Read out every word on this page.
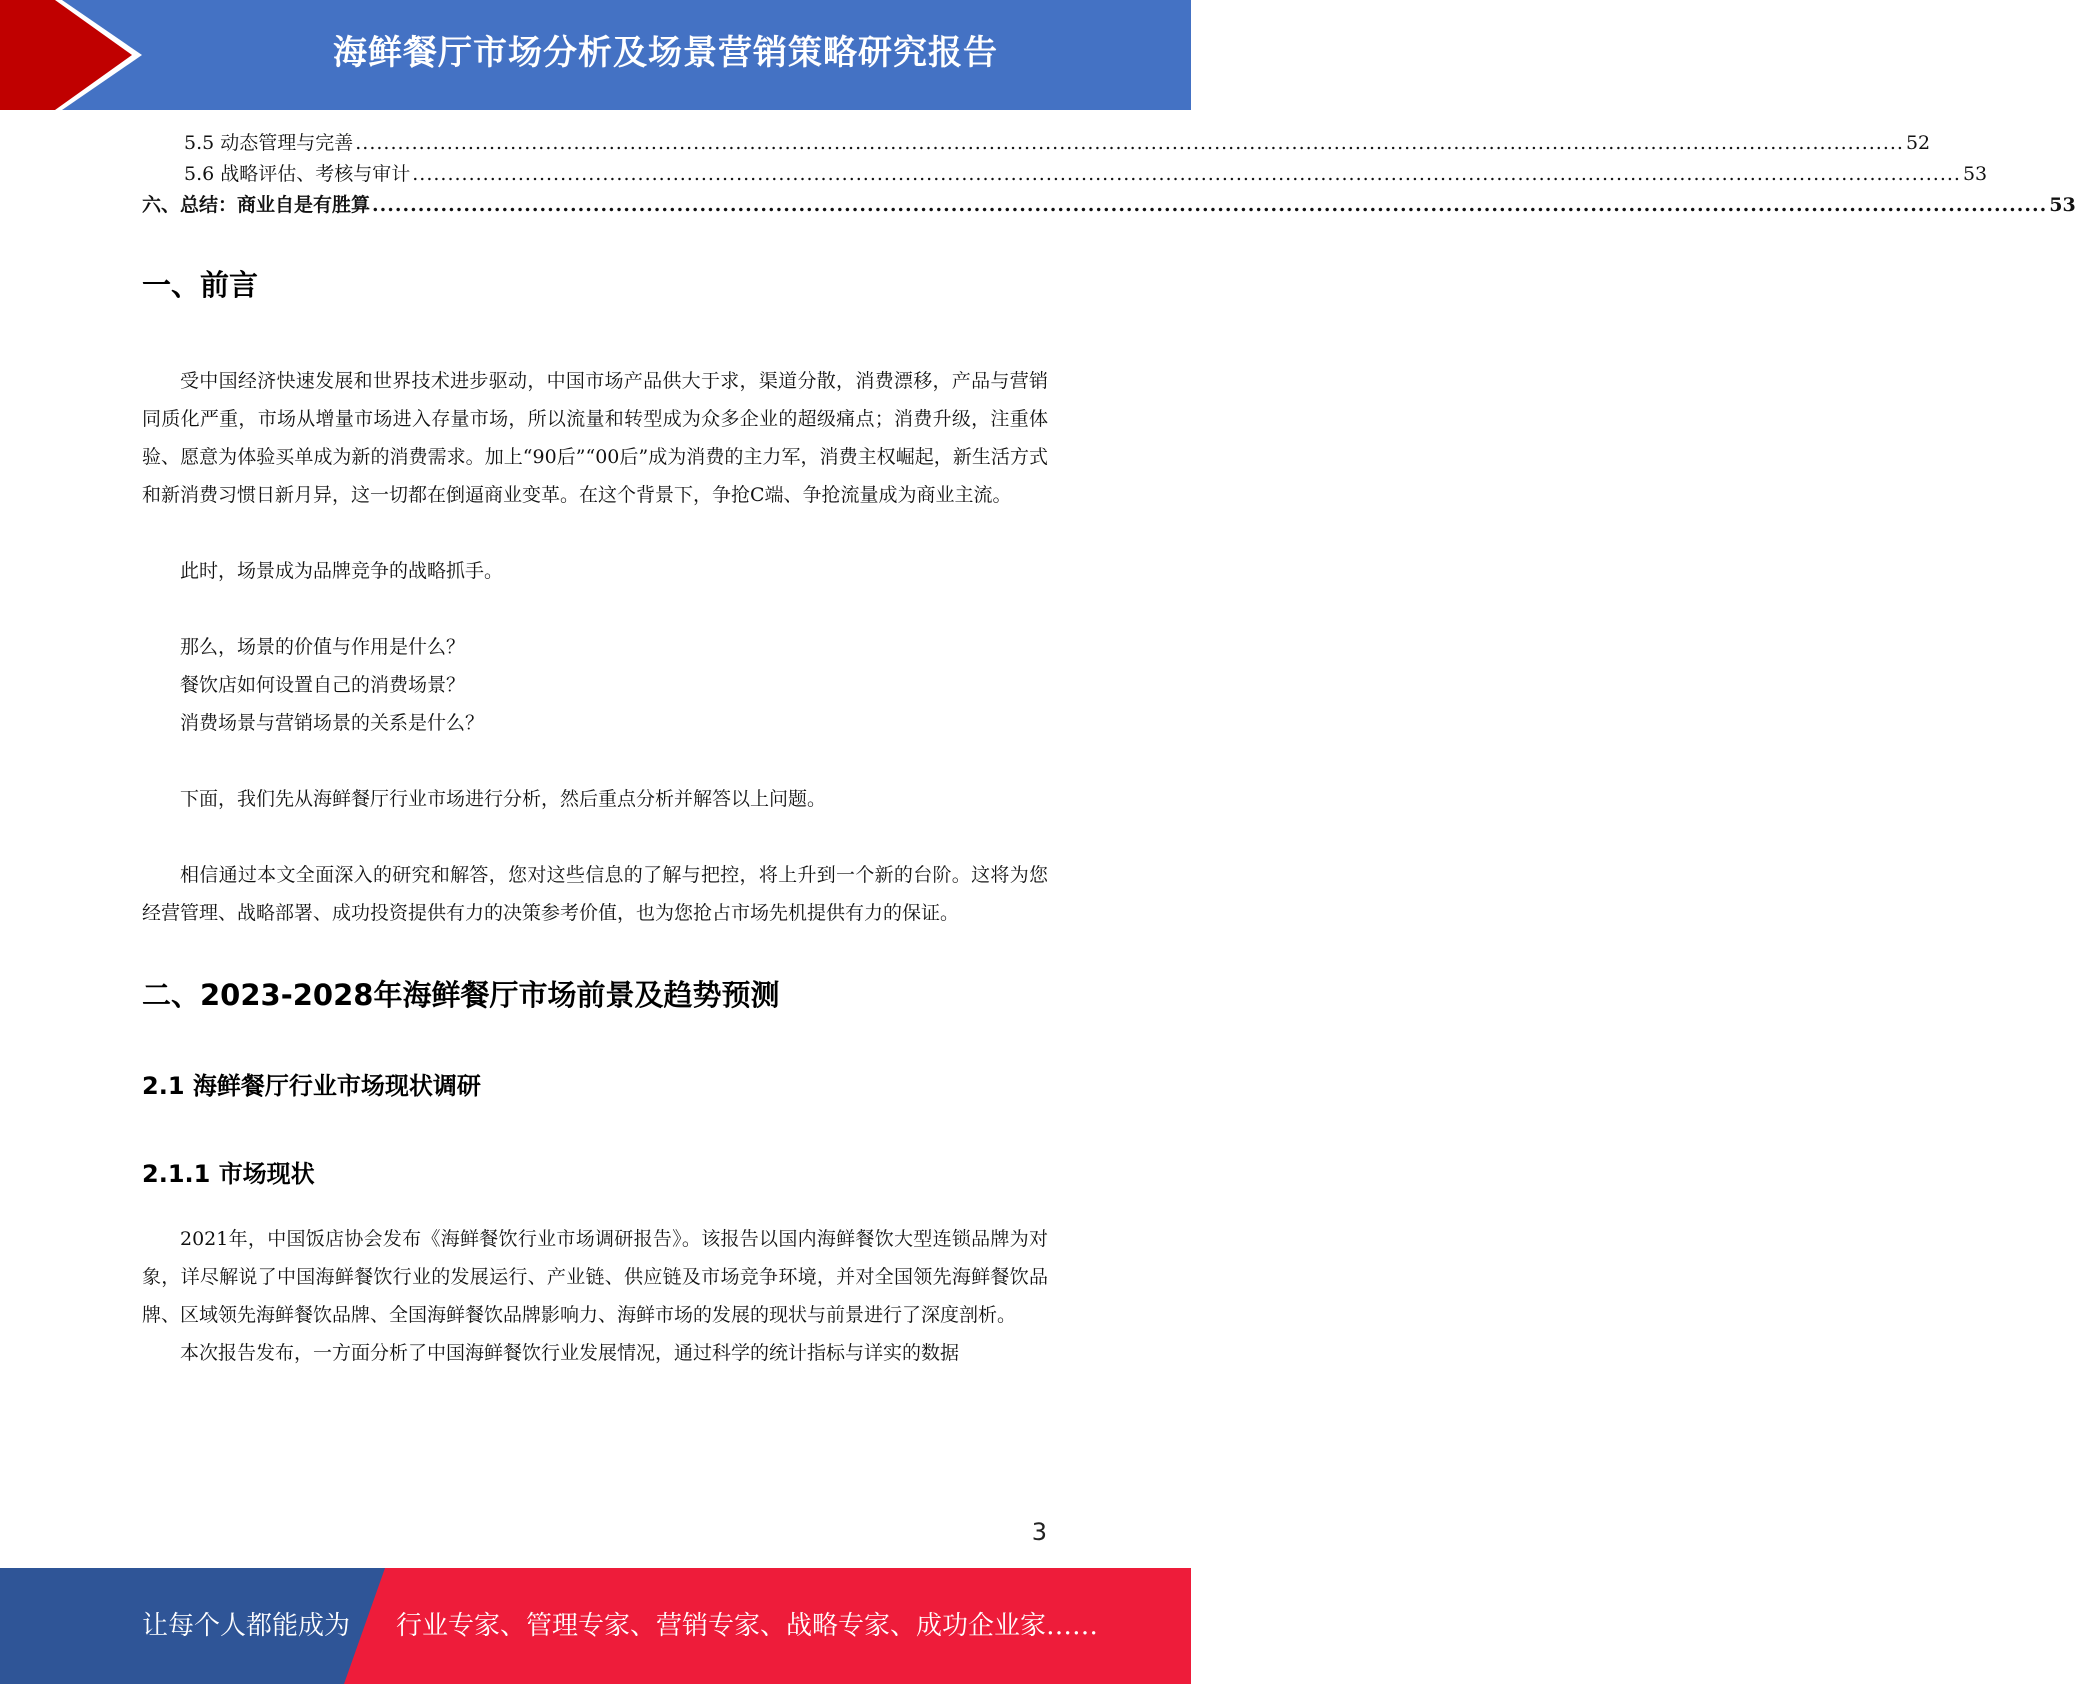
海鲜餐厅市场分析及场景营销策略研究报告
5.5 动态管理与完善 ............................................................................................................................................................................................................................ 52
5.6 战略评估、考核与审计 ............................................................................................................................................................................................................................ 53
六、总结：商业自是有胜算 ............................................................................................................................................................................................................................ 53
一、前言

受中国经济快速发展和世界技术进步驱动，中国市场产品供大于求，渠道分散，消费漂移，产品与营销同质化严重，市场从增量市场进入存量市场，所以流量和转型成为众多企业的超级痛点；消费升级，注重体验、愿意为体验买单成为新的消费需求。加上“90后”“00后”成为消费的主力军，消费主权崛起，新生活方式和新消费习惯日新月异，这一切都在倒逼商业变革。在这个背景下，争抢C端、争抢流量成为商业主流。

此时，场景成为品牌竞争的战略抓手。

那么，场景的价值与作用是什么？

餐饮店如何设置自己的消费场景？

消费场景与营销场景的关系是什么？

下面，我们先从海鲜餐厅行业市场进行分析，然后重点分析并解答以上问题。

相信通过本文全面深入的研究和解答，您对这些信息的了解与把控，将上升到一个新的台阶。这将为您经营管理、战略部署、成功投资提供有力的决策参考价值，也为您抢占市场先机提供有力的保证。

二、2023-2028年海鲜餐厅市场前景及趋势预测
2.1 海鲜餐厅行业市场现状调研
2.1.1 市场现状

2021年，中国饭店协会发布《海鲜餐饮行业市场调研报告》。该报告以国内海鲜餐饮大型连锁品牌为对象，详尽解说了中国海鲜餐饮行业的发展运行、产业链、供应链及市场竞争环境，并对全国领先海鲜餐饮品牌、区域领先海鲜餐饮品牌、全国海鲜餐饮品牌影响力、海鲜市场的发展的现状与前景进行了深度剖析。

本次报告发布，一方面分析了中国海鲜餐饮行业发展情况，通过科学的统计指标与详实的数据

3
让每个人都能成为 行业专家、管理专家、营销专家、战略专家、成功企业家……
